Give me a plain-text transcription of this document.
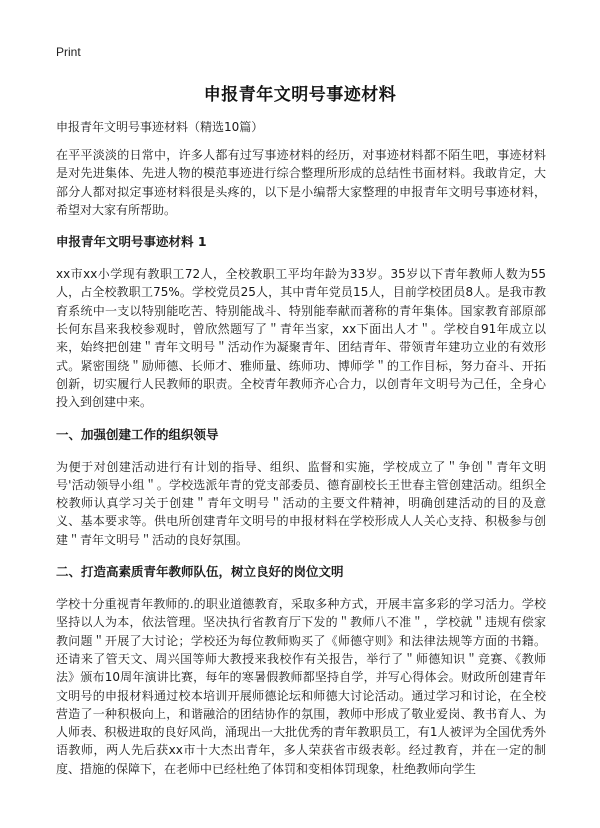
Print
申报青年文明号事迹材料
申报青年文明号事迹材料（精选10篇）

在平平淡淡的日常中，许多人都有过写事迹材料的经历，对事迹材料都不陌生吧，事迹材料是对先进集体、先进人物的模范事迹进行综合整理所形成的总结性书面材料。我敢肯定，大部分人都对拟定事迹材料很是头疼的，以下是小编帮大家整理的申报青年文明号事迹材料，希望对大家有所帮助。

申报青年文明号事迹材料 1

xx市xx小学现有教职工72人，全校教职工平均年龄为33岁。35岁以下青年教师人数为55人，占全校教职工75%。学校党员25人，其中青年党员15人，目前学校团员8人。是我市教育系统中一支以特别能吃苦、特别能战斗、特别能奉献而著称的青年集体。国家教育部原部长何东昌来我校参观时，曾欣然题写了＂青年当家，xx下面出人才＂。学校自91年成立以来，始终把创建＂青年文明号＂活动作为凝聚青年、团结青年、带领青年建功立业的有效形式。紧密围绕＂励师德、长师才、雅师量、练师功、博师学＂的工作目标，努力奋斗、开拓创新，切实履行人民教师的职责。全校青年教师齐心合力，以创青年文明号为己任，全身心投入到创建中来。

一、加强创建工作的组织领导

为便于对创建活动进行有计划的指导、组织、监督和实施，学校成立了＂争创＂青年文明号'活动领导小组＂。学校选派年青的党支部委员、德育副校长王世春主管创建活动。组织全校教师认真学习关于创建＂青年文明号＂活动的主要文件精神，明确创建活动的目的及意义、基本要求等。供电所创建青年文明号的申报材料在学校形成人人关心支持、积极参与创建＂青年文明号＂活动的良好氛围。

二、打造高素质青年教师队伍，树立良好的岗位文明

学校十分重视青年教师的.的职业道德教育，采取多种方式，开展丰富多彩的学习活力。学校坚持以人为本，依法管理。坚决执行省教育厅下发的＂教师八不准＂，学校就＂违规有偿家教问题＂开展了大讨论；学校还为每位教师购买了《师德守则》和法律法规等方面的书籍。还请来了管天文、周兴国等师大教授来我校作有关报告，举行了＂师德知识＂竞赛、《教师法》颁布10周年演讲比赛，每年的寒暑假教师都坚持自学，并写心得体会。财政所创建青年文明号的申报材料通过校本培训开展师德论坛和师德大讨论活动。通过学习和讨论，在全校营造了一种积极向上，和谐融洽的团结协作的氛围，教师中形成了敬业爱岗、教书育人、为人师表、积极进取的良好风尚，涌现出一大批优秀的青年教职员工，有1人被评为全国优秀外语教师，两人先后获xx市十大杰出青年，多人荣获省市级表彰。经过教育，并在一定的制度、措施的保障下，在老师中已经杜绝了体罚和变相体罚现象，杜绝教师向学生
